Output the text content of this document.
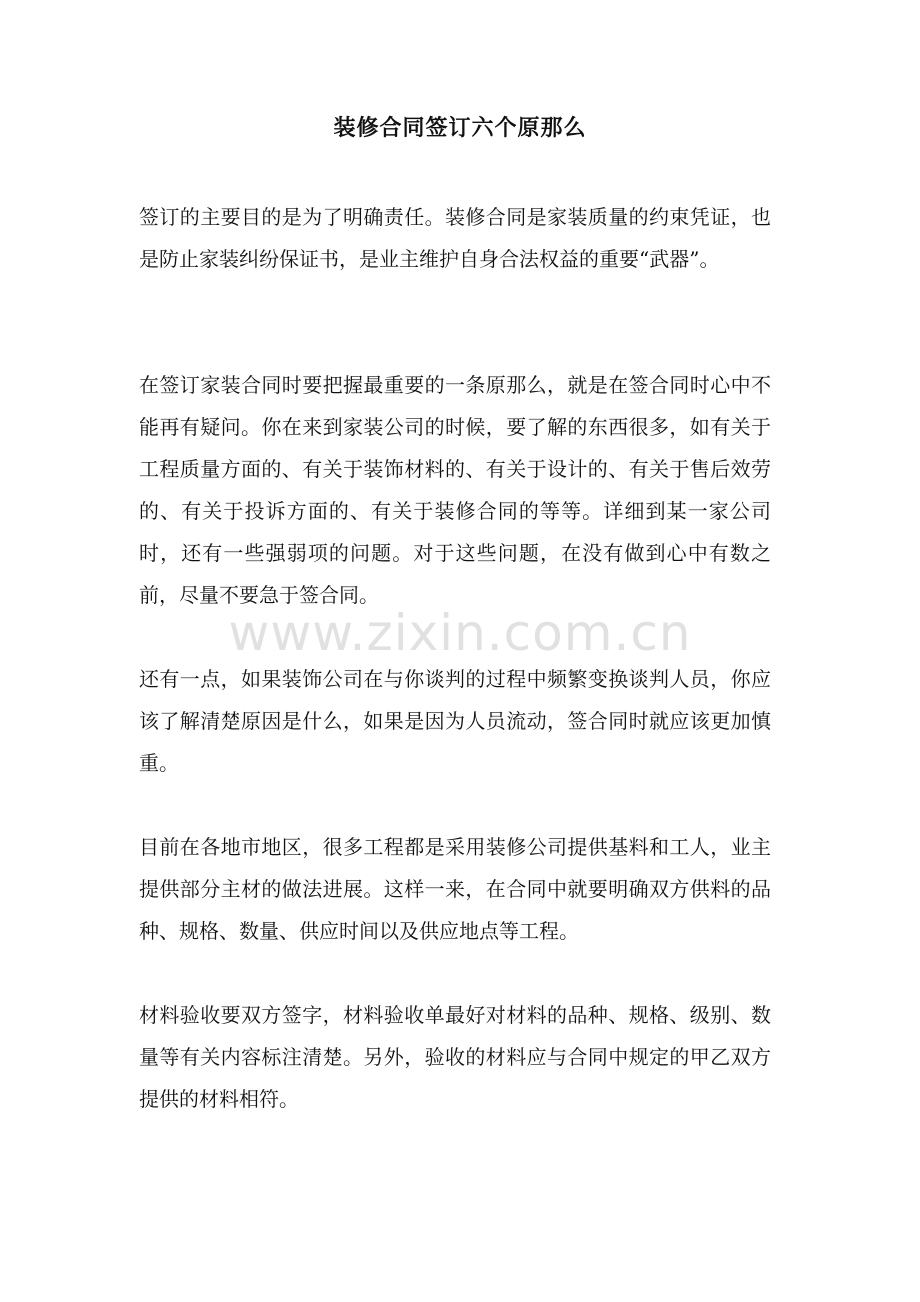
装修合同签订六个原那么

签订的主要目的是为了明确责任。装修合同是家装质量的约束凭证，也是防止家装纠纷保证书，是业主维护自身合法权益的重要“武器”。

在签订家装合同时要把握最重要的一条原那么，就是在签合同时心中不能再有疑问。你在来到家装公司的时候，要了解的东西很多，如有关于工程质量方面的、有关于装饰材料的、有关于设计的、有关于售后效劳的、有关于投诉方面的、有关于装修合同的等等。详细到某一家公司时，还有一些强弱项的问题。对于这些问题，在没有做到心中有数之前，尽量不要急于签合同。

还有一点，如果装饰公司在与你谈判的过程中频繁变换谈判人员，你应该了解清楚原因是什么，如果是因为人员流动，签合同时就应该更加慎重。

目前在各地市地区，很多工程都是采用装修公司提供基料和工人，业主提供部分主材的做法进展。这样一来，在合同中就要明确双方供料的品种、规格、数量、供应时间以及供应地点等工程。

材料验收要双方签字，材料验收单最好对材料的品种、规格、级别、数量等有关内容标注清楚。另外，验收的材料应与合同中规定的甲乙双方提供的材料相符。

www.zixin.com.cn
